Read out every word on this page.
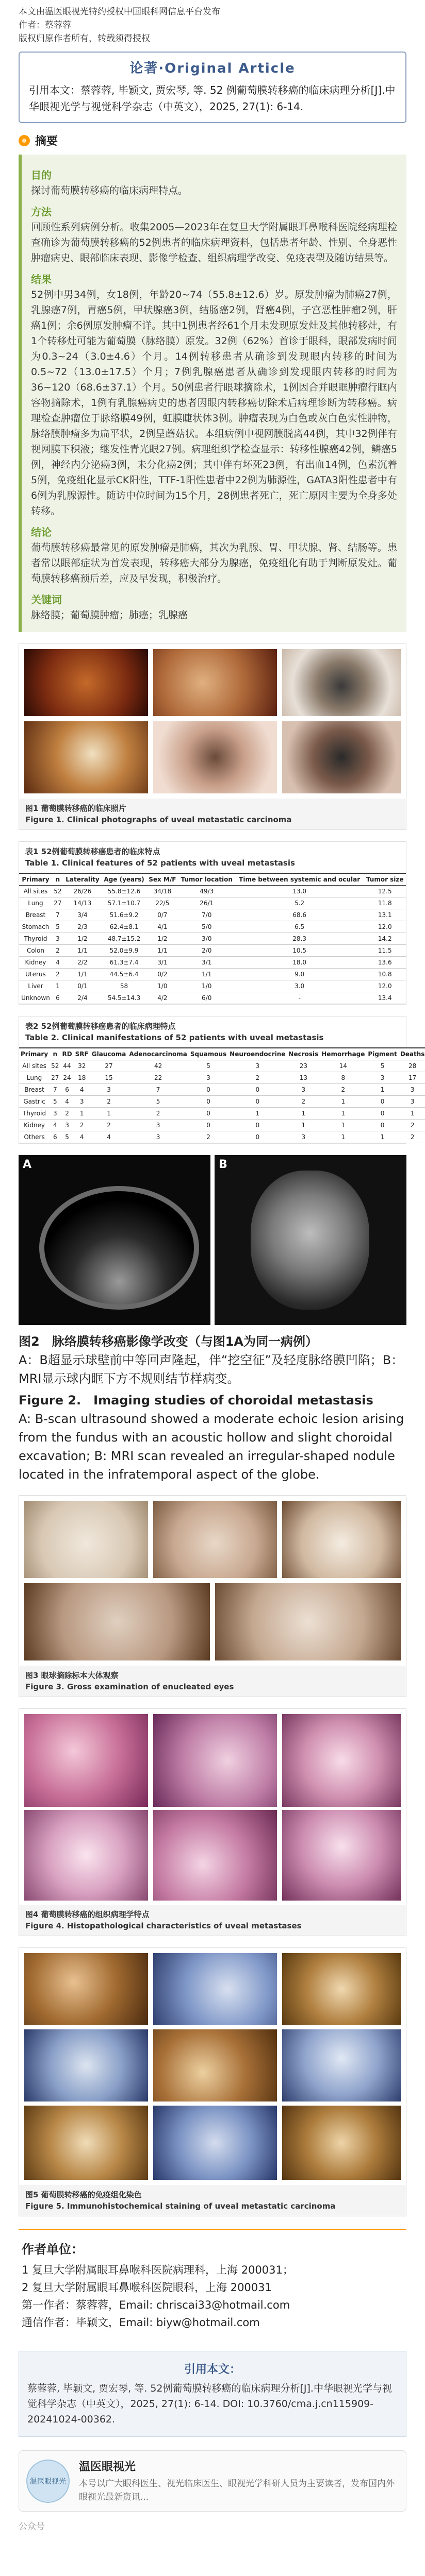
本文由温医眼视光特约授权中国眼科网信息平台发布
作者：蔡蓉蓉
版权归原作者所有，转载须得授权
论著·Original Article
引用本文：蔡蓉蓉, 毕颖文, 贾宏琴, 等. 52 例葡萄膜转移癌的临床病理分析[J].中华眼视光学与视觉科学杂志（中英文），2025, 27(1): 6-14.
摘要
目的

探讨葡萄膜转移癌的临床病理特点。

方法

回顾性系列病例分析。收集2005—2023年在复旦大学附属眼耳鼻喉科医院经病理检查确诊为葡萄膜转移癌的52例患者的临床病理资料，包括患者年龄、性别、全身恶性肿瘤病史、眼部临床表现、影像学检查、组织病理学改变、免疫表型及随访结果等。

结果

52例中男34例，女18例，年龄20~74（55.8±12.6）岁。原发肿瘤为肺癌27例，乳腺癌7例，胃癌5例，甲状腺癌3例，结肠癌2例，肾癌4例，子宫恶性肿瘤2例，肝癌1例；余6例原发肿瘤不详。其中1例患者经61个月未发现原发灶及其他转移灶，有1个转移灶可能为葡萄膜（脉络膜）原发。32例（62%）首诊于眼科，眼部发病时间为0.3~24（3.0±4.6）个月。14例转移患者从确诊到发现眼内转移的时间为0.5~72（13.0±17.5）个月；7例乳腺癌患者从确诊到发现眼内转移的时间为36~120（68.6±37.1）个月。50例患者行眼球摘除术，1例因合并眼眶肿瘤行眶内容物摘除术，1例有乳腺癌病史的患者因眼内转移癌切除术后病理诊断为转移癌。病理检查肿瘤位于脉络膜49例，虹膜睫状体3例。肿瘤表现为白色或灰白色实性肿物，脉络膜肿瘤多为扁平状，2例呈蘑菇状。本组病例中视网膜脱离44例，其中32例伴有视网膜下积液；继发性青光眼27例。病理组织学检查显示：转移性腺癌42例，鳞癌5例，神经内分泌癌3例，未分化癌2例；其中伴有坏死23例，有出血14例，色素沉着5例，免疫组化显示CK阳性，TTF-1阳性患者中22例为肺源性，GATA3阳性患者中有6例为乳腺源性。随访中位时间为15个月，28例患者死亡，死亡原因主要为全身多处转移。

结论

葡萄膜转移癌最常见的原发肿瘤是肺癌，其次为乳腺、胃、甲状腺、肾、结肠等。患者常以眼部症状为首发表现，转移癌大部分为腺癌，免疫组化有助于判断原发灶。葡萄膜转移癌预后差，应及早发现，积极治疗。

关键词

脉络膜；葡萄膜肿瘤；肺癌；乳腺癌

图1 葡萄膜转移癌的临床照片
Figure 1. Clinical photographs of uveal metastatic carcinoma
表1 52例葡萄膜转移癌患者的临床特点
Table 1. Clinical features of 52 patients with uveal metastasis
Primary	n	Laterality	Age (years)	Sex M/F	Tumor location	Time between systemic and ocular	Tumor size
All sites	52	26/26	55.8±12.6	34/18	49/3	13.0	12.5
Lung	27	14/13	57.1±10.7	22/5	26/1	5.2	11.8
Breast	7	3/4	51.6±9.2	0/7	7/0	68.6	13.1
Stomach	5	2/3	62.4±8.1	4/1	5/0	6.5	12.0
Thyroid	3	1/2	48.7±15.2	1/2	3/0	28.3	14.2
Colon	2	1/1	52.0±9.9	1/1	2/0	10.5	11.5
Kidney	4	2/2	61.3±7.4	3/1	3/1	18.0	13.6
Uterus	2	1/1	44.5±6.4	0/2	1/1	9.0	10.8
Liver	1	0/1	58	1/0	1/0	3.0	12.0
Unknown	6	2/4	54.5±14.3	4/2	6/0	-	13.4
表2 52例葡萄膜转移癌患者的临床病理特点
Table 2. Clinical manifestations of 52 patients with uveal metastasis
Primary	n	RD	SRF	Glaucoma	Adenocarcinoma	Squamous	Neuroendocrine	Necrosis	Hemorrhage	Pigment	Deaths
All sites	52	44	32	27	42	5	3	23	14	5	28
Lung	27	24	18	15	22	3	2	13	8	3	17
Breast	7	6	4	3	7	0	0	3	2	1	3
Gastric	5	4	3	2	5	0	0	2	1	0	3
Thyroid	3	2	1	1	2	0	1	1	1	0	1
Kidney	4	3	2	2	3	0	0	1	1	0	2
Others	6	5	4	4	3	2	0	3	1	1	2
A	B
图2　脉络膜转移癌影像学改变（与图1A为同一病例）
A：B超显示球壁前中等回声隆起，伴“挖空征”及轻度脉络膜凹陷；B：MRI显示球内眶下方不规则结节样病变。
Figure 2.　Imaging studies of choroidal metastasis
A: B-scan ultrasound showed a moderate echoic lesion arising from the fundus with an acoustic hollow and slight choroidal excavation; B: MRI scan revealed an irregular-shaped nodule located in the infratemporal aspect of the globe.
图3 眼球摘除标本大体观察
Figure 3. Gross examination of enucleated eyes
图4 葡萄膜转移癌的组织病理学特点
Figure 4. Histopathological characteristics of uveal metastases
图5 葡萄膜转移癌的免疫组化染色
Figure 5. Immunohistochemical staining of uveal metastatic carcinoma
作者单位：

1 复旦大学附属眼耳鼻喉科医院病理科，上海 200031；

2 复旦大学附属眼耳鼻喉科医院眼科，上海 200031

第一作者：蔡蓉蓉，Email: chriscai33@hotmail.com

通信作者：毕颖文，Email: biyw@hotmail.com

引用本文：

蔡蓉蓉, 毕颖文, 贾宏琴, 等. 52例葡萄膜转移癌的临床病理分析[J].中华眼视光学与视觉科学杂志（中英文），2025, 27(1): 6-14. DOI: 10.3760/cma.j.cn115909-20241024-00362.

温医眼视光
温医眼视光
本号以广大眼科医生、视光临床医生、眼视光学科研人员为主要读者，发布国内外眼视光最新资讯...
公众号
